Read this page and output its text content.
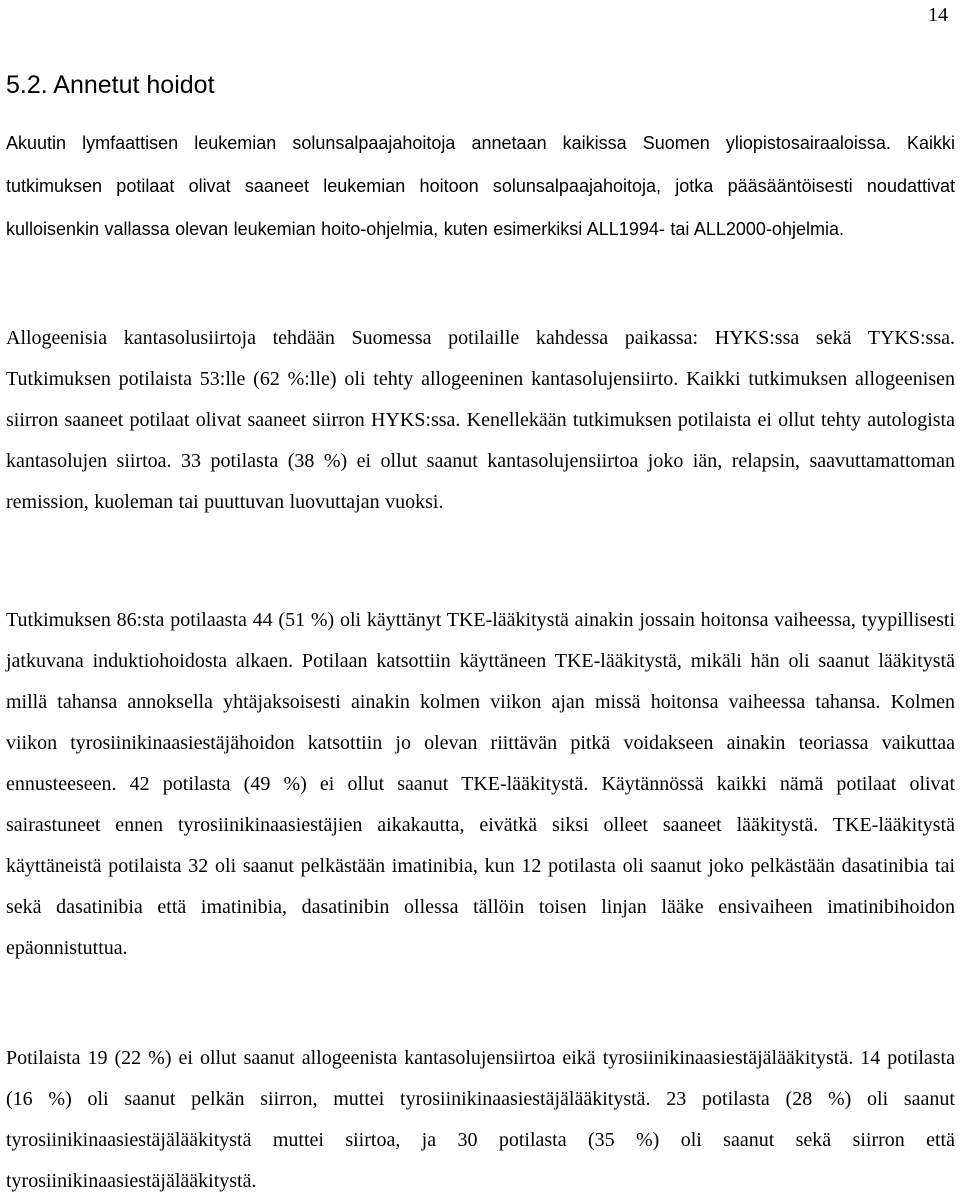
14
5.2. Annetut hoidot

Akuutin lymfaattisen leukemian solunsalpaajahoitoja annetaan kaikissa Suomen yliopistosairaaloissa. Kaikki tutkimuksen potilaat olivat saaneet leukemian hoitoon solunsalpaajahoitoja, jotka pääsääntöisesti noudattivat kulloisenkin vallassa olevan leukemian hoito-ohjelmia, kuten esimerkiksi ALL1994- tai ALL2000-ohjelmia.

Allogeenisia kantasolusiirtoja tehdään Suomessa potilaille kahdessa paikassa: HYKS:ssa sekä TYKS:ssa. Tutkimuksen potilaista 53:lle (62 %:lle) oli tehty allogeeninen kantasolujensiirto. Kaikki tutkimuksen allogeenisen siirron saaneet potilaat olivat saaneet siirron HYKS:ssa. Kenellekään tutkimuksen potilaista ei ollut tehty autologista kantasolujen siirtoa. 33 potilasta (38 %) ei ollut saanut kantasolujensiirtoa joko iän, relapsin, saavuttamattoman remission, kuoleman tai puuttuvan luovuttajan vuoksi.

Tutkimuksen 86:sta potilaasta 44 (51 %) oli käyttänyt TKE-lääkitystä ainakin jossain hoitonsa vaiheessa, tyypillisesti jatkuvana induktiohoidosta alkaen. Potilaan katsottiin käyttäneen TKE-lääkitystä, mikäli hän oli saanut lääkitystä millä tahansa annoksella yhtäjaksoisesti ainakin kolmen viikon ajan missä hoitonsa vaiheessa tahansa. Kolmen viikon tyrosiinikinaasiestäjähoidon katsottiin jo olevan riittävän pitkä voidakseen ainakin teoriassa vaikuttaa ennusteeseen. 42 potilasta (49 %) ei ollut saanut TKE-lääkitystä. Käytännössä kaikki nämä potilaat olivat sairastuneet ennen tyrosiinikinaasiestäjien aikakautta, eivätkä siksi olleet saaneet lääkitystä. TKE-lääkitystä käyttäneistä potilaista 32 oli saanut pelkästään imatinibia, kun 12 potilasta oli saanut joko pelkästään dasatinibia tai sekä dasatinibia että imatinibia, dasatinibin ollessa tällöin toisen linjan lääke ensivaiheen imatinibihoidon epäonnistuttua.

Potilaista 19 (22 %) ei ollut saanut allogeenista kantasolujensiirtoa eikä tyrosiinikinaasiestäjälääkitystä. 14 potilasta (16 %) oli saanut pelkän siirron, muttei tyrosiinikinaasiestäjälääkitystä. 23 potilasta (28 %) oli saanut tyrosiinikinaasiestäjälääkitystä muttei siirtoa, ja 30 potilasta (35 %) oli saanut sekä siirron että tyrosiinikinaasiestäjälääkitystä.
